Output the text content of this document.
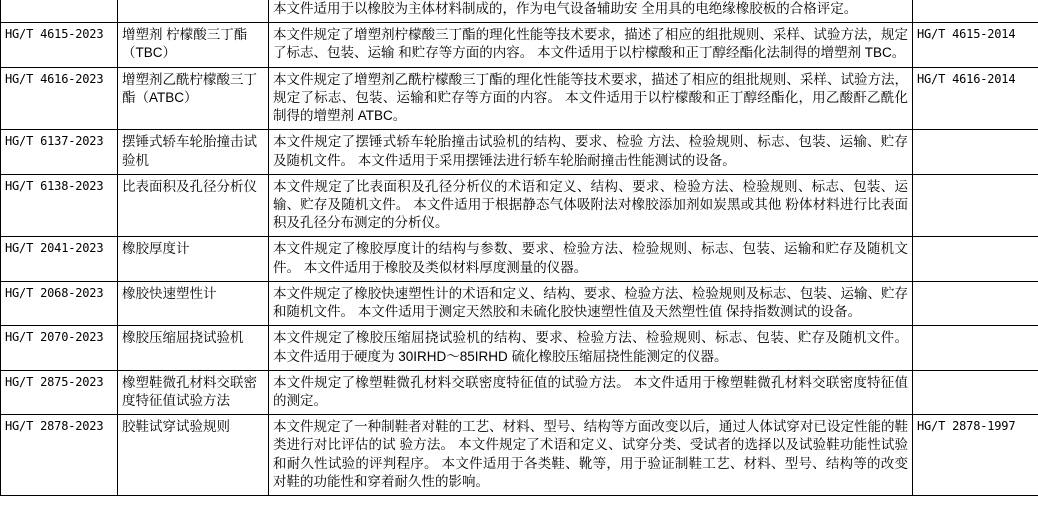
		本文件适用于以橡胶为主体材料制成的，作为电气设备辅助安 全用具的电绝缘橡胶板的合格评定。	
HG/T 4615-2023	增塑剂 柠檬酸三丁酯 （TBC）	本文件规定了增塑剂柠檬酸三丁酯的理化性能等技术要求，描述了相应的组批规则、采样、试验方法，规定了标志、包装、运输 和贮存等方面的内容。 本文件适用于以柠檬酸和正丁醇经酯化法制得的增塑剂 TBC。	HG/T 4615-2014
HG/T 4616-2023	增塑剂乙酰柠檬酸三丁酯（ATBC）	本文件规定了增塑剂乙酰柠檬酸三丁酯的理化性能等技术要求，描述了相应的组批规则、采样、试验方法，规定了标志、包装、运输和贮存等方面的内容。 本文件适用于以柠檬酸和正丁醇经酯化，用乙酸酐乙酰化制得的增塑剂 ATBC。	HG/T 4616-2014
HG/T 6137-2023	摆锤式轿车轮胎撞击试验机	本文件规定了摆锤式轿车轮胎撞击试验机的结构、要求、检验 方法、检验规则、标志、包装、运输、贮存及随机文件。 本文件适用于采用摆锤法进行轿车轮胎耐撞击性能测试的设备。	
HG/T 6138-2023	比表面积及孔径分析仪	本文件规定了比表面积及孔径分析仪的术语和定义、结构、要求、检验方法、检验规则、标志、包装、运输、贮存及随机文件。 本文件适用于根据静态气体吸附法对橡胶添加剂如炭黑或其他 粉体材料进行比表面积及孔径分布测定的分析仪。	
HG/T 2041-2023	橡胶厚度计	本文件规定了橡胶厚度计的结构与参数、要求、检验方法、检验规则、标志、包装、运输和贮存及随机文件。 本文件适用于橡胶及类似材料厚度测量的仪器。	
HG/T 2068-2023	橡胶快速塑性计	本文件规定了橡胶快速塑性计的术语和定义、结构、要求、检验方法、检验规则及标志、包装、运输、贮存和随机文件。 本文件适用于测定天然胶和未硫化胶快速塑性值及天然塑性值 保持指数测试的设备。	
HG/T 2070-2023	橡胶压缩屈挠试验机	本文件规定了橡胶压缩屈挠试验机的结构、要求、检验方法、检验规则、标志、包装、贮存及随机文件。 本文件适用于硬度为 30IRHD～85IRHD 硫化橡胶压缩屈挠性能测定的仪器。	
HG/T 2875-2023	橡塑鞋微孔材料交联密度特征值试验方法	本文件规定了橡塑鞋微孔材料交联密度特征值的试验方法。 本文件适用于橡塑鞋微孔材料交联密度特征值的测定。	
HG/T 2878-2023	胶鞋试穿试验规则	本文件规定了一种制鞋者对鞋的工艺、材料、型号、结构等方面改变以后，通过人体试穿对已设定性能的鞋类进行对比评估的试 验方法。 本文件规定了术语和定义、试穿分类、受试者的选择以及试验鞋功能性试验和耐久性试验的评判程序。 本文件适用于各类鞋、靴等，用于验证制鞋工艺、材料、型号、结构等的改变对鞋的功能性和穿着耐久性的影响。	HG/T 2878-1997
